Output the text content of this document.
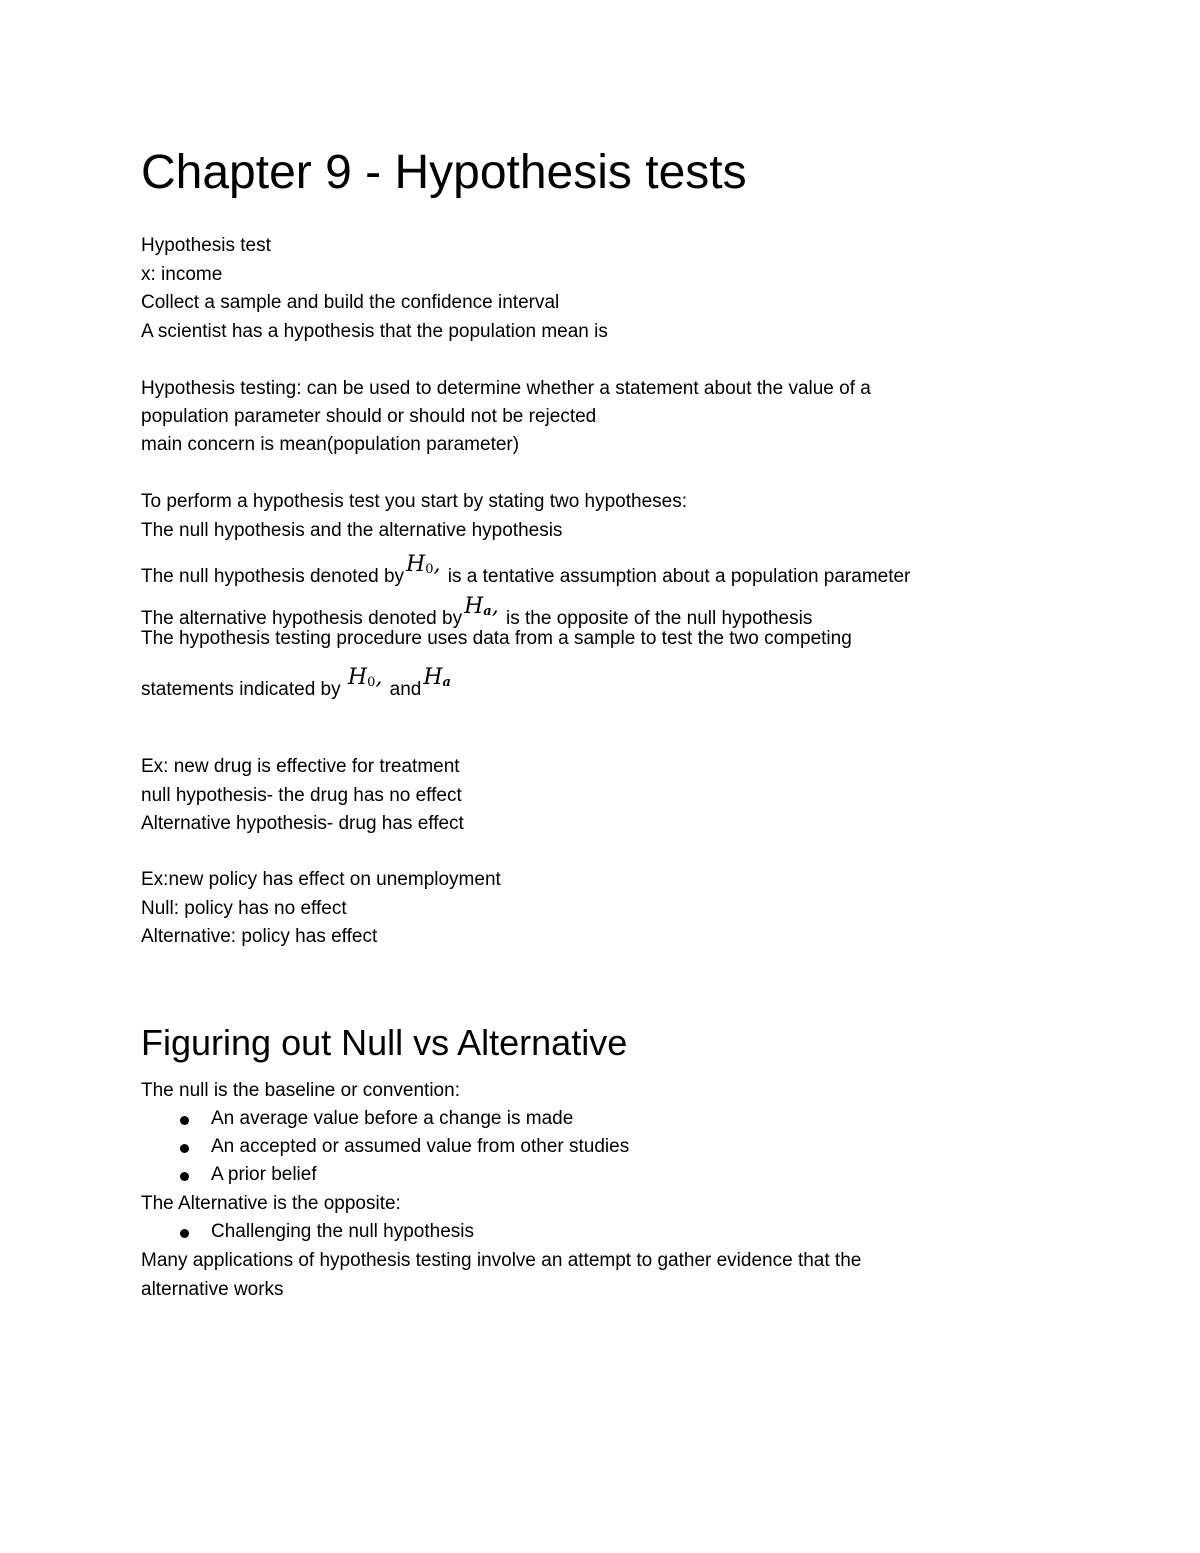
Chapter 9 - Hypothesis tests
Hypothesis test
x: income
Collect a sample and build the confidence interval
A scientist has a hypothesis that the population mean is
Hypothesis testing: can be used to determine whether a statement about the value of a
population parameter should or should not be rejected
main concern is mean(population parameter)
To perform a hypothesis test you start by stating two hypotheses:
The null hypothesis and the alternative hypothesis
The null hypothesis denoted byH$_0$, is a tentative assumption about a population parameter
The alternative hypothesis denoted byH$_a$, is the opposite of the null hypothesis
The hypothesis testing procedure uses data from a sample to test the two competing
statements indicated by $H_0$, andH$_a$
Ex: new drug is effective for treatment
null hypothesis- the drug has no effect
Alternative hypothesis- drug has effect
Ex:new policy has effect on unemployment
Null: policy has no effect
Alternative: policy has effect
Figuring out Null vs Alternative
The null is the baseline or convention:
An average value before a change is made
An accepted or assumed value from other studies
A prior belief
The Alternative is the opposite:
Challenging the null hypothesis
Many applications of hypothesis testing involve an attempt to gather evidence that the
alternative works
